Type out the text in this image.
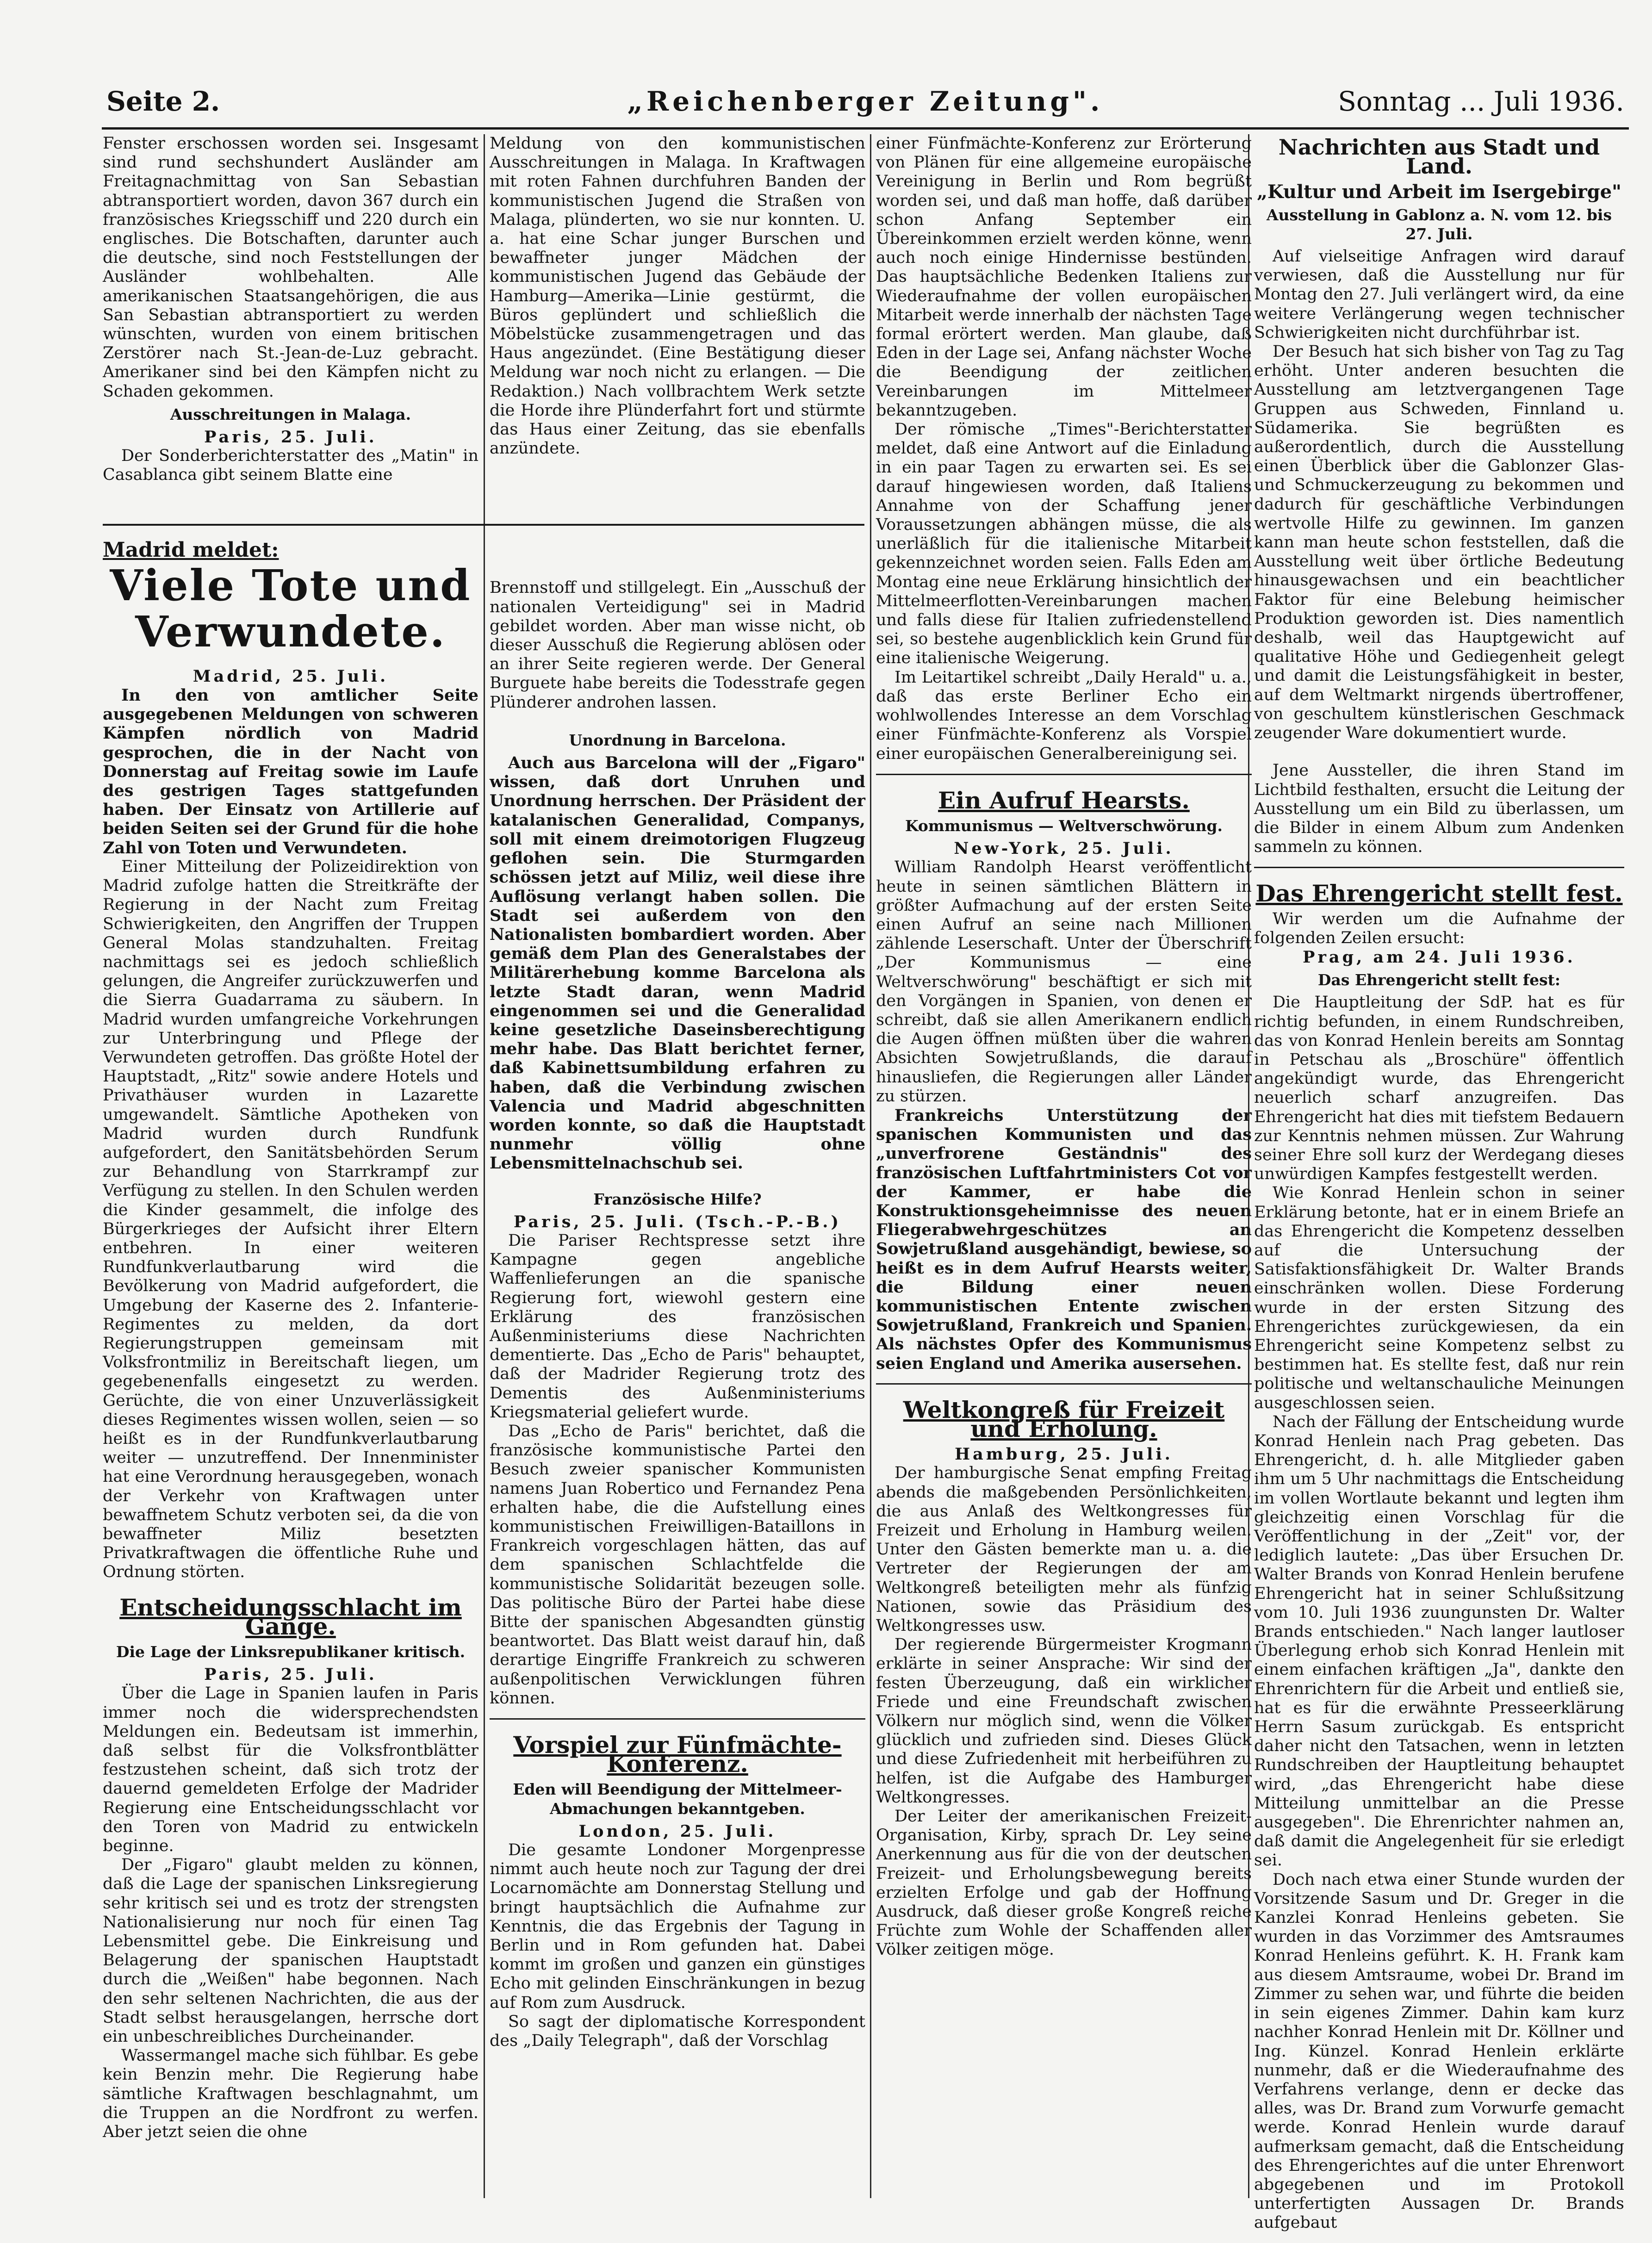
Seite 2.	„Reichenberger Zeitung".	Sonntag ... Juli 1936.

Fenster erschossen worden sei. Insgesamt sind rund sechshundert Ausländer am Freitagnachmittag von San Sebastian abtransportiert worden, davon 367 durch ein französisches Kriegsschiff und 220 durch ein englisches. Die Botschaften, darunter auch die deutsche, sind noch Feststellungen der Ausländer wohlbehalten. Alle amerikanischen Staatsangehörigen, die aus San Sebastian abtransportiert zu werden wünschten, wurden von einem britischen Zerstörer nach St.-Jean-de-Luz gebracht. Amerikaner sind bei den Kämpfen nicht zu Schaden gekommen.

Ausschreitungen in Malaga.

Paris, 25. Juli.

Der Sonderberichterstatter des „Matin" in Casablanca gibt seinem Blatte eine

Madrid meldet:

Viele Tote und Verwundete.

Madrid, 25. Juli.

In den von amtlicher Seite ausgegebenen Meldungen von schweren Kämpfen nördlich von Madrid gesprochen, die in der Nacht von Donnerstag auf Freitag sowie im Laufe des gestrigen Tages stattgefunden haben. Der Einsatz von Artillerie auf beiden Seiten sei der Grund für die hohe Zahl von Toten und Verwundeten.

Einer Mitteilung der Polizeidirektion von Madrid zufolge hatten die Streitkräfte der Regierung in der Nacht zum Freitag Schwierigkeiten, den Angriffen der Truppen General Molas standzuhalten. Freitag nachmittags sei es jedoch schließlich gelungen, die Angreifer zurückzuwerfen und die Sierra Guadarrama zu säubern. In Madrid wurden umfangreiche Vorkehrungen zur Unterbringung und Pflege der Verwundeten getroffen. Das größte Hotel der Hauptstadt, „Ritz" sowie andere Hotels und Privathäuser wurden in Lazarette umgewandelt. Sämtliche Apotheken von Madrid wurden durch Rundfunk aufgefordert, den Sanitätsbehörden Serum zur Behandlung von Starrkrampf zur Verfügung zu stellen. In den Schulen werden die Kinder gesammelt, die infolge des Bürgerkrieges der Aufsicht ihrer Eltern entbehren. In einer weiteren Rundfunkverlautbarung wird die Bevölkerung von Madrid aufgefordert, die Umgebung der Kaserne des 2. Infanterie-Regimentes zu melden, da dort Regierungstruppen gemeinsam mit Volksfrontmiliz in Bereitschaft liegen, um gegebenenfalls eingesetzt zu werden. Gerüchte, die von einer Unzuverlässigkeit dieses Regimentes wissen wollen, seien — so heißt es in der Rundfunkverlautbarung weiter — unzutreffend. Der Innenminister hat eine Verordnung herausgegeben, wonach der Verkehr von Kraftwagen unter bewaffnetem Schutz verboten sei, da die von bewaffneter Miliz besetzten Privatkraftwagen die öffentliche Ruhe und Ordnung störten.

Entscheidungsschlacht im Gange.

Die Lage der Linksrepublikaner kritisch.

Paris, 25. Juli.

Über die Lage in Spanien laufen in Paris immer noch die widersprechendsten Meldungen ein. Bedeutsam ist immerhin, daß selbst für die Volksfrontblätter festzustehen scheint, daß sich trotz der dauernd gemeldeten Erfolge der Madrider Regierung eine Entscheidungsschlacht vor den Toren von Madrid zu entwickeln beginne.

Der „Figaro" glaubt melden zu können, daß die Lage der spanischen Linksregierung sehr kritisch sei und es trotz der strengsten Nationalisierung nur noch für einen Tag Lebensmittel gebe. Die Einkreisung und Belagerung der spanischen Hauptstadt durch die „Weißen" habe begonnen. Nach den sehr seltenen Nachrichten, die aus der Stadt selbst herausgelangen, herrsche dort ein unbeschreibliches Durcheinander.

Wassermangel mache sich fühlbar. Es gebe kein Benzin mehr. Die Regierung habe sämtliche Kraftwagen beschlagnahmt, um die Truppen an die Nordfront zu werfen. Aber jetzt seien die ohne

Meldung von den kommunistischen Ausschreitungen in Malaga. In Kraftwagen mit roten Fahnen durchfuhren Banden der kommunistischen Jugend die Straßen von Malaga, plünderten, wo sie nur konnten. U. a. hat eine Schar junger Burschen und bewaffneter junger Mädchen der kommunistischen Jugend das Gebäude der Hamburg—Amerika—Linie gestürmt, die Büros geplündert und schließlich die Möbelstücke zusammengetragen und das Haus angezündet. (Eine Bestätigung dieser Meldung war noch nicht zu erlangen. — Die Redaktion.) Nach vollbrachtem Werk setzte die Horde ihre Plünderfahrt fort und stürmte das Haus einer Zeitung, das sie ebenfalls anzündete.

Brennstoff und stillgelegt. Ein „Ausschuß der nationalen Verteidigung" sei in Madrid gebildet worden. Aber man wisse nicht, ob dieser Ausschuß die Regierung ablösen oder an ihrer Seite regieren werde. Der General Burguete habe bereits die Todesstrafe gegen Plünderer androhen lassen.

Unordnung in Barcelona.

Auch aus Barcelona will der „Figaro" wissen, daß dort Unruhen und Unordnung herrschen. Der Präsident der katalanischen Generalidad, Companys, soll mit einem dreimotorigen Flugzeug geflohen sein. Die Sturmgarden schössen jetzt auf Miliz, weil diese ihre Auflösung verlangt haben sollen. Die Stadt sei außerdem von den Nationalisten bombardiert worden. Aber gemäß dem Plan des Generalstabes der Militärerhebung komme Barcelona als letzte Stadt daran, wenn Madrid eingenommen sei und die Generalidad keine gesetzliche Daseinsberechtigung mehr habe. Das Blatt berichtet ferner, daß Kabinettsumbildung erfahren zu haben, daß die Verbindung zwischen Valencia und Madrid abgeschnitten worden konnte, so daß die Hauptstadt nunmehr völlig ohne Lebensmittelnachschub sei.

Französische Hilfe?

Paris, 25. Juli. (Tsch.-P.-B.)

Die Pariser Rechtspresse setzt ihre Kampagne gegen angebliche Waffenlieferungen an die spanische Regierung fort, wiewohl gestern eine Erklärung des französischen Außenministeriums diese Nachrichten dementierte. Das „Echo de Paris" behauptet, daß der Madrider Regierung trotz des Dementis des Außenministeriums Kriegsmaterial geliefert wurde.

Das „Echo de Paris" berichtet, daß die französische kommunistische Partei den Besuch zweier spanischer Kommunisten namens Juan Robertico und Fernandez Pena erhalten habe, die die Aufstellung eines kommunistischen Freiwilligen-Bataillons in Frankreich vorgeschlagen hätten, das auf dem spanischen Schlachtfelde die kommunistische Solidarität bezeugen solle. Das politische Büro der Partei habe diese Bitte der spanischen Abgesandten günstig beantwortet. Das Blatt weist darauf hin, daß derartige Eingriffe Frankreich zu schweren außenpolitischen Verwicklungen führen können.

Vorspiel zur Fünfmächte-Konferenz.

Eden will Beendigung der Mittelmeer-Abmachungen bekanntgeben.

London, 25. Juli.

Die gesamte Londoner Morgenpresse nimmt auch heute noch zur Tagung der drei Locarnomächte am Donnerstag Stellung und bringt hauptsächlich die Aufnahme zur Kenntnis, die das Ergebnis der Tagung in Berlin und in Rom gefunden hat. Dabei kommt im großen und ganzen ein günstiges Echo mit gelinden Einschränkungen in bezug auf Rom zum Ausdruck.

So sagt der diplomatische Korrespondent des „Daily Telegraph", daß der Vorschlag

einer Fünfmächte-Konferenz zur Erörterung von Plänen für eine allgemeine europäische Vereinigung in Berlin und Rom begrüßt worden sei, und daß man hoffe, daß darüber schon Anfang September ein Übereinkommen erzielt werden könne, wenn auch noch einige Hindernisse bestünden. Das hauptsächliche Bedenken Italiens zur Wiederaufnahme der vollen europäischen Mitarbeit werde innerhalb der nächsten Tage formal erörtert werden. Man glaube, daß Eden in der Lage sei, Anfang nächster Woche die Beendigung der zeitlichen Vereinbarungen im Mittelmeer bekanntzugeben.

Der römische „Times"-Berichterstatter meldet, daß eine Antwort auf die Einladung in ein paar Tagen zu erwarten sei. Es sei darauf hingewiesen worden, daß Italiens Annahme von der Schaffung jener Voraussetzungen abhängen müsse, die als unerläßlich für die italienische Mitarbeit gekennzeichnet worden seien. Falls Eden am Montag eine neue Erklärung hinsichtlich der Mittelmeerflotten-Vereinbarungen machen und falls diese für Italien zufriedenstellend sei, so bestehe augenblicklich kein Grund für eine italienische Weigerung.

Im Leitartikel schreibt „Daily Herald" u. a., daß das erste Berliner Echo ein wohlwollendes Interesse an dem Vorschlag einer Fünfmächte-Konferenz als Vorspiel einer europäischen Generalbereinigung sei.

Ein Aufruf Hearsts.

Kommunismus — Weltverschwörung.

New-York, 25. Juli.

William Randolph Hearst veröffentlicht heute in seinen sämtlichen Blättern in größter Aufmachung auf der ersten Seite einen Aufruf an seine nach Millionen zählende Leserschaft. Unter der Überschrift „Der Kommunismus — eine Weltverschwörung" beschäftigt er sich mit den Vorgängen in Spanien, von denen er schreibt, daß sie allen Amerikanern endlich die Augen öffnen müßten über die wahren Absichten Sowjetrußlands, die darauf hinausliefen, die Regierungen aller Länder zu stürzen.

Frankreichs Unterstützung der spanischen Kommunisten und das „unverfrorene Geständnis" des französischen Luftfahrtministers Cot vor der Kammer, er habe die Konstruktionsgeheimnisse des neuen Fliegerabwehrgeschützes an Sowjetrußland ausgehändigt, bewiese, so heißt es in dem Aufruf Hearsts weiter, die Bildung einer neuen kommunistischen Entente zwischen Sowjetrußland, Frankreich und Spanien. Als nächstes Opfer des Kommunismus seien England und Amerika ausersehen.

Weltkongreß für Freizeit und Erholung.

Hamburg, 25. Juli.

Der hamburgische Senat empfing Freitag abends die maßgebenden Persönlichkeiten, die aus Anlaß des Weltkongresses für Freizeit und Erholung in Hamburg weilen. Unter den Gästen bemerkte man u. a. die Vertreter der Regierungen der am Weltkongreß beteiligten mehr als fünfzig Nationen, sowie das Präsidium des Weltkongresses usw.

Der regierende Bürgermeister Krogmann erklärte in seiner Ansprache: Wir sind der festen Überzeugung, daß ein wirklicher Friede und eine Freundschaft zwischen Völkern nur möglich sind, wenn die Völker glücklich und zufrieden sind. Dieses Glück und diese Zufriedenheit mit herbeiführen zu helfen, ist die Aufgabe des Hamburger Weltkongresses.

Der Leiter der amerikanischen Freizeit-Organisation, Kirby, sprach Dr. Ley seine Anerkennung aus für die von der deutschen Freizeit- und Erholungsbewegung bereits erzielten Erfolge und gab der Hoffnung Ausdruck, daß dieser große Kongreß reiche Früchte zum Wohle der Schaffenden aller Völker zeitigen möge.

Nachrichten aus Stadt und Land.

„Kultur und Arbeit im Isergebirge"

Ausstellung in Gablonz a. N. vom 12. bis 27. Juli.

Auf vielseitige Anfragen wird darauf verwiesen, daß die Ausstellung nur für Montag den 27. Juli verlängert wird, da eine weitere Verlängerung wegen technischer Schwierigkeiten nicht durchführbar ist.

Der Besuch hat sich bisher von Tag zu Tag erhöht. Unter anderen besuchten die Ausstellung am letztvergangenen Tage Gruppen aus Schweden, Finnland u. Südamerika. Sie begrüßten es außerordentlich, durch die Ausstellung einen Überblick über die Gablonzer Glas- und Schmuckerzeugung zu bekommen und dadurch für geschäftliche Verbindungen wertvolle Hilfe zu gewinnen. Im ganzen kann man heute schon feststellen, daß die Ausstellung weit über örtliche Bedeutung hinausgewachsen und ein beachtlicher Faktor für eine Belebung heimischer Produktion geworden ist. Dies namentlich deshalb, weil das Hauptgewicht auf qualitative Höhe und Gediegenheit gelegt und damit die Leistungsfähigkeit in bester, auf dem Weltmarkt nirgends übertroffener, von geschultem künstlerischen Geschmack zeugender Ware dokumentiert wurde.

Jene Aussteller, die ihren Stand im Lichtbild festhalten, ersucht die Leitung der Ausstellung um ein Bild zu überlassen, um die Bilder in einem Album zum Andenken sammeln zu können.

Das Ehrengericht stellt fest.

Wir werden um die Aufnahme der folgenden Zeilen ersucht:

Prag, am 24. Juli 1936.

Das Ehrengericht stellt fest:

Die Hauptleitung der SdP. hat es für richtig befunden, in einem Rundschreiben, das von Konrad Henlein bereits am Sonntag in Petschau als „Broschüre" öffentlich angekündigt wurde, das Ehrengericht neuerlich scharf anzugreifen. Das Ehrengericht hat dies mit tiefstem Bedauern zur Kenntnis nehmen müssen. Zur Wahrung seiner Ehre soll kurz der Werdegang dieses unwürdigen Kampfes festgestellt werden.

Wie Konrad Henlein schon in seiner Erklärung betonte, hat er in einem Briefe an das Ehrengericht die Kompetenz desselben auf die Untersuchung der Satisfaktionsfähigkeit Dr. Walter Brands einschränken wollen. Diese Forderung wurde in der ersten Sitzung des Ehrengerichtes zurückgewiesen, da ein Ehrengericht seine Kompetenz selbst zu bestimmen hat. Es stellte fest, daß nur rein politische und weltanschauliche Meinungen ausgeschlossen seien.

Nach der Fällung der Entscheidung wurde Konrad Henlein nach Prag gebeten. Das Ehrengericht, d. h. alle Mitglieder gaben ihm um 5 Uhr nachmittags die Entscheidung im vollen Wortlaute bekannt und legten ihm gleichzeitig einen Vorschlag für die Veröffentlichung in der „Zeit" vor, der lediglich lautete: „Das über Ersuchen Dr. Walter Brands von Konrad Henlein berufene Ehrengericht hat in seiner Schlußsitzung vom 10. Juli 1936 zuungunsten Dr. Walter Brands entschieden." Nach langer lautloser Überlegung erhob sich Konrad Henlein mit einem einfachen kräftigen „Ja", dankte den Ehrenrichtern für die Arbeit und entließ sie, hat es für die erwähnte Presseerklärung Herrn Sasum zurückgab. Es entspricht daher nicht den Tatsachen, wenn in letzten Rundschreiben der Hauptleitung behauptet wird, „das Ehrengericht habe diese Mitteilung unmittelbar an die Presse ausgegeben". Die Ehrenrichter nahmen an, daß damit die Angelegenheit für sie erledigt sei.

Doch nach etwa einer Stunde wurden der Vorsitzende Sasum und Dr. Greger in die Kanzlei Konrad Henleins gebeten. Sie wurden in das Vorzimmer des Amtsraumes Konrad Henleins geführt. K. H. Frank kam aus diesem Amtsraume, wobei Dr. Brand im Zimmer zu sehen war, und führte die beiden in sein eigenes Zimmer. Dahin kam kurz nachher Konrad Henlein mit Dr. Köllner und Ing. Künzel. Konrad Henlein erklärte nunmehr, daß er die Wiederaufnahme des Verfahrens verlange, denn er decke das alles, was Dr. Brand zum Vorwurfe gemacht werde. Konrad Henlein wurde darauf aufmerksam gemacht, daß die Entscheidung des Ehrengerichtes auf die unter Ehrenwort abgegebenen und im Protokoll unterfertigten Aussagen Dr. Brands aufgebaut
